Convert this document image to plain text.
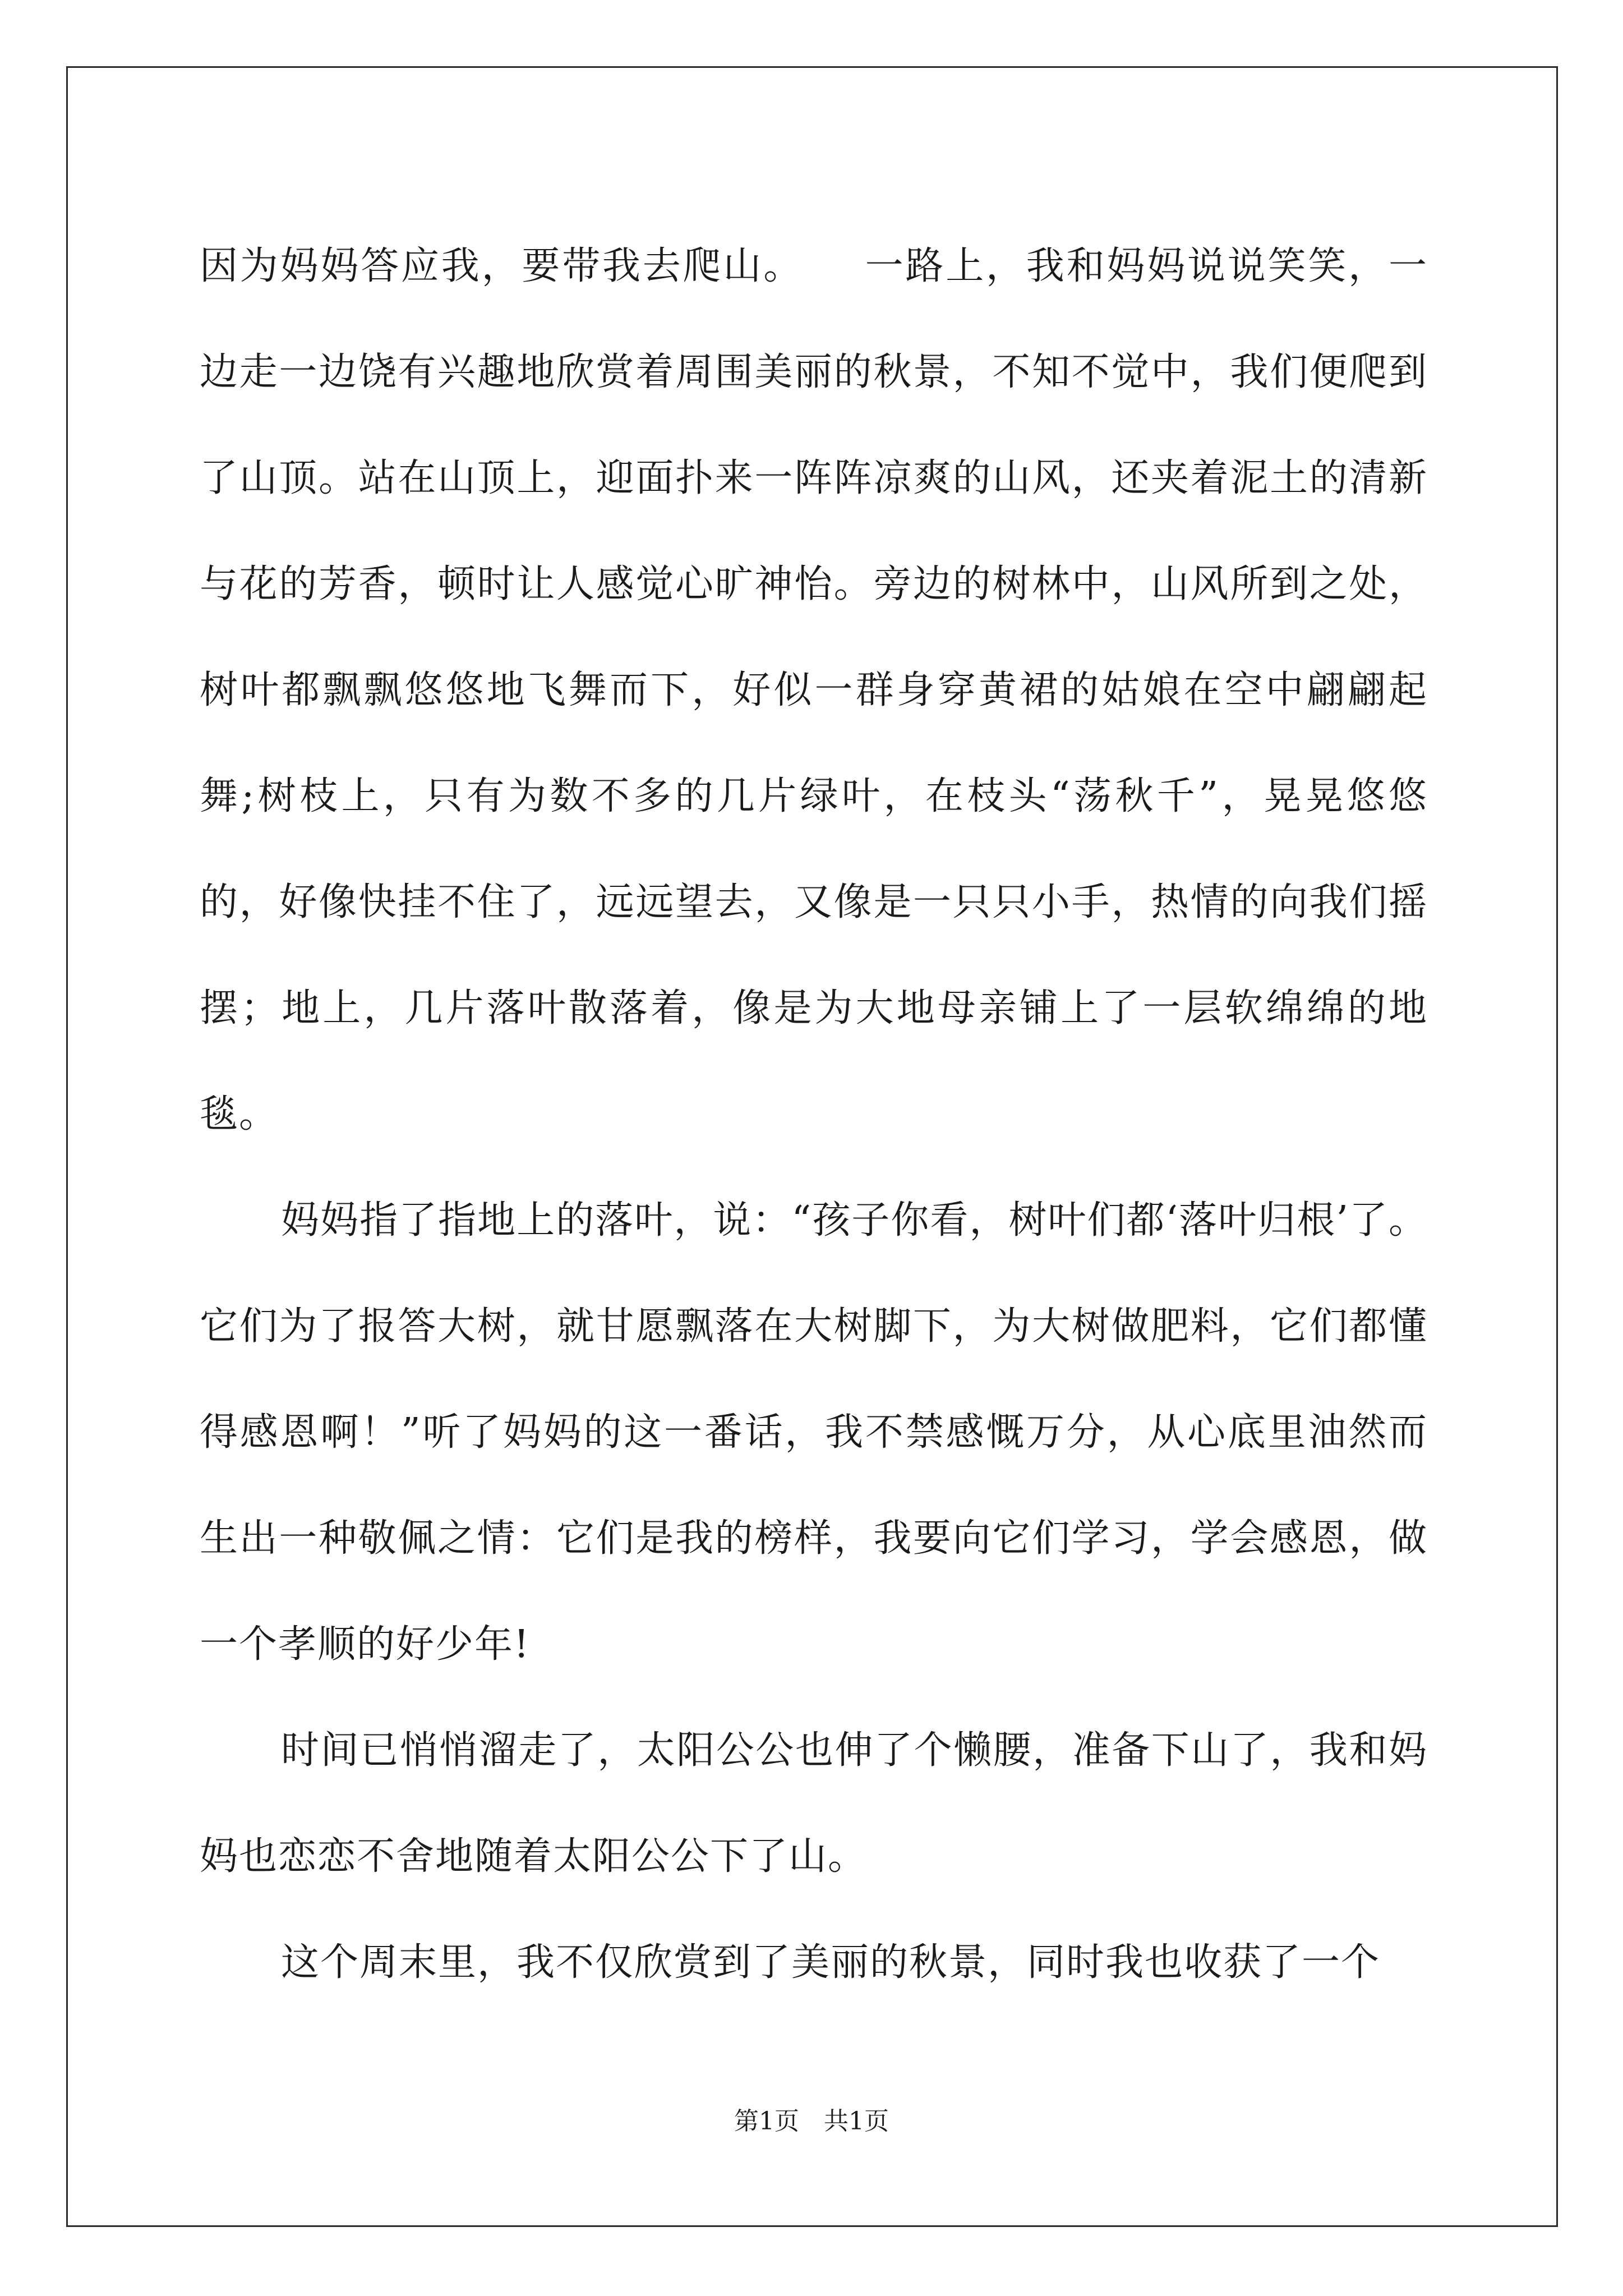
因为妈妈答应我，要带我去爬山。　　一路上，我和妈妈说说笑笑，一边走一边饶有兴趣地欣赏着周围美丽的秋景，不知不觉中，我们便爬到了山顶。站在山顶上，迎面扑来一阵阵凉爽的山风，还夹着泥土的清新与花的芳香，顿时让人感觉心旷神怡。旁边的树林中，山风所到之处，树叶都飘飘悠悠地飞舞而下，好似一群身穿黄裙的姑娘在空中翩翩起舞;树枝上，只有为数不多的几片绿叶，在枝头“荡秋千”，晃晃悠悠的，好像快挂不住了，远远望去，又像是一只只小手，热情的向我们摇摆；地上，几片落叶散落着，像是为大地母亲铺上了一层软绵绵的地毯。

妈妈指了指地上的落叶，说：“孩子你看，树叶们都‘落叶归根’了。它们为了报答大树，就甘愿飘落在大树脚下，为大树做肥料，它们都懂得感恩啊！”听了妈妈的这一番话，我不禁感慨万分，从心底里油然而生出一种敬佩之情：它们是我的榜样，我要向它们学习，学会感恩，做一个孝顺的好少年!

时间已悄悄溜走了，太阳公公也伸了个懒腰，准备下山了，我和妈妈也恋恋不舍地随着太阳公公下了山。

这个周末里，我不仅欣赏到了美丽的秋景，同时我也收获了一个

第1页　共1页
